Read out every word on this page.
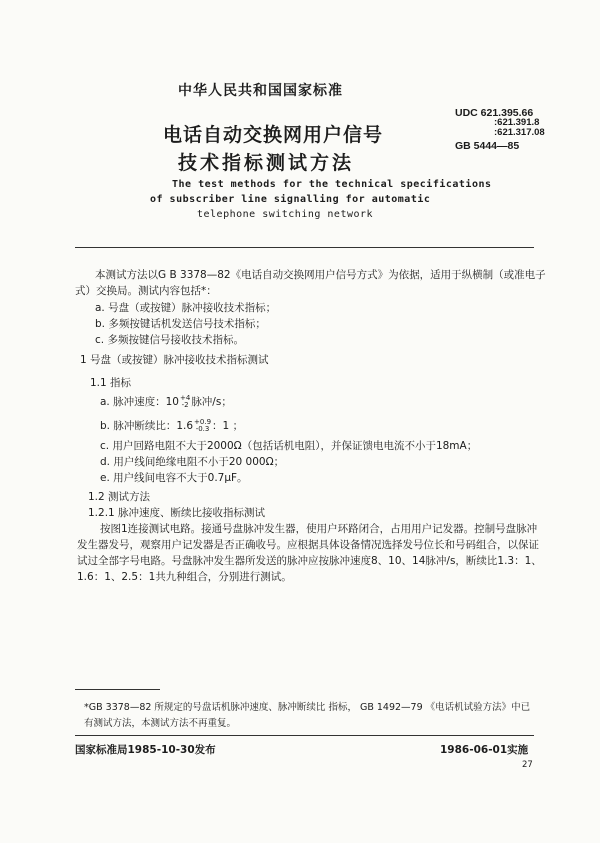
中华人民共和国国家标准
UDC 621.395.66
:621.391.8
:621.317.08
GB 5444—85
电话自动交换网用户信号
技术指标测试方法
The test methods for the technical specifications
of subscriber line signalling for automatic
telephone switching network
本测试方法以G B 3378—82《电话自动交换网用户信号方式》为依据，适用于纵横制（或准电子
式）交换局。测试内容包括*：
a. 号盘（或按键）脉冲接收技术指标；
b. 多频按键话机发送信号技术指标；
c. 多频按键信号接收技术指标。
1 号盘（或按键）脉冲接收技术指标测试
1.1 指标
a. 脉冲速度：10 +4
-2 脉冲/s；
b. 脉冲断续比：1.6 +0.9
-0.3 ：1 ；
c. 用户回路电阻不大于2000Ω（包括话机电阻），并保证馈电电流不小于18mA；
d. 用户线间绝缘电阻不小于20 000Ω；
e. 用户线间电容不大于0.7μF。
1.2 测试方法
1.2.1 脉冲速度、断续比接收指标测试
按图1连接测试电路。接通号盘脉冲发生器，使用户环路闭合，占用用户记发器。控制号盘脉冲
发生器发号，观察用户记发器是否正确收号。应根据具体设备情况选择发号位长和号码组合，以保证
试过全部字号电路。号盘脉冲发生器所发送的脉冲应按脉冲速度8、10、14脉冲/s，断续比1.3：1、
1.6：1、2.5：1共九种组合，分别进行测试。
*GB 3378—82 所规定的号盘话机脉冲速度、脉冲断续比 指标， GB 1492—79 《电话机试验方法》中已
有测试方法，本测试方法不再重复。
国家标准局1985-10-30发布	1986-06-01实施
27
